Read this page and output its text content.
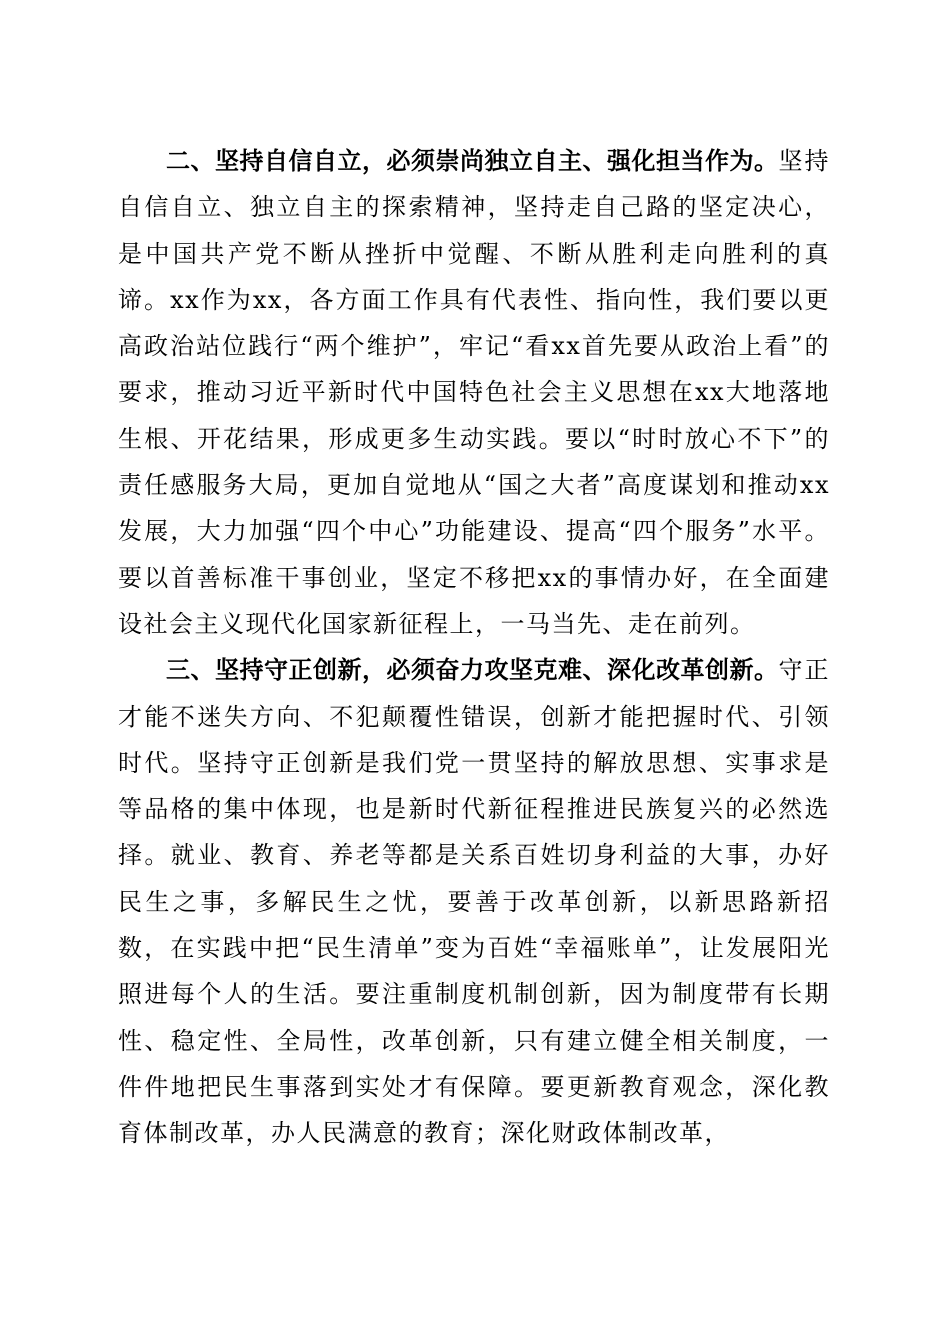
二、坚持自信自立，必须崇尚独立自主、强化担当作为。坚持自信自立、独立自主的探索精神，坚持走自己路的坚定决心，是中国共产党不断从挫折中觉醒、不断从胜利走向胜利的真谛。xx作为xx，各方面工作具有代表性、指向性，我们要以更高政治站位践行“两个维护”，牢记“看xx首先要从政治上看”的要求，推动习近平新时代中国特色社会主义思想在xx大地落地生根、开花结果，形成更多生动实践。要以“时时放心不下”的责任感服务大局，更加自觉地从“国之大者”高度谋划和推动xx发展，大力加强“四个中心”功能建设、提高“四个服务”水平。要以首善标准干事创业，坚定不移把xx的事情办好，在全面建设社会主义现代化国家新征程上，一马当先、走在前列。

三、坚持守正创新，必须奋力攻坚克难、深化改革创新。守正才能不迷失方向、不犯颠覆性错误，创新才能把握时代、引领时代。坚持守正创新是我们党一贯坚持的解放思想、实事求是等品格的集中体现，也是新时代新征程推进民族复兴的必然选择。就业、教育、养老等都是关系百姓切身利益的大事，办好民生之事，多解民生之忧，要善于改革创新，以新思路新招数，在实践中把“民生清单”变为百姓“幸福账单”，让发展阳光照进每个人的生活。要注重制度机制创新，因为制度带有长期性、稳定性、全局性，改革创新，只有建立健全相关制度，一件件地把民生事落到实处才有保障。要更新教育观念，深化教育体制改革，办人民满意的教育；深化财政体制改革，
